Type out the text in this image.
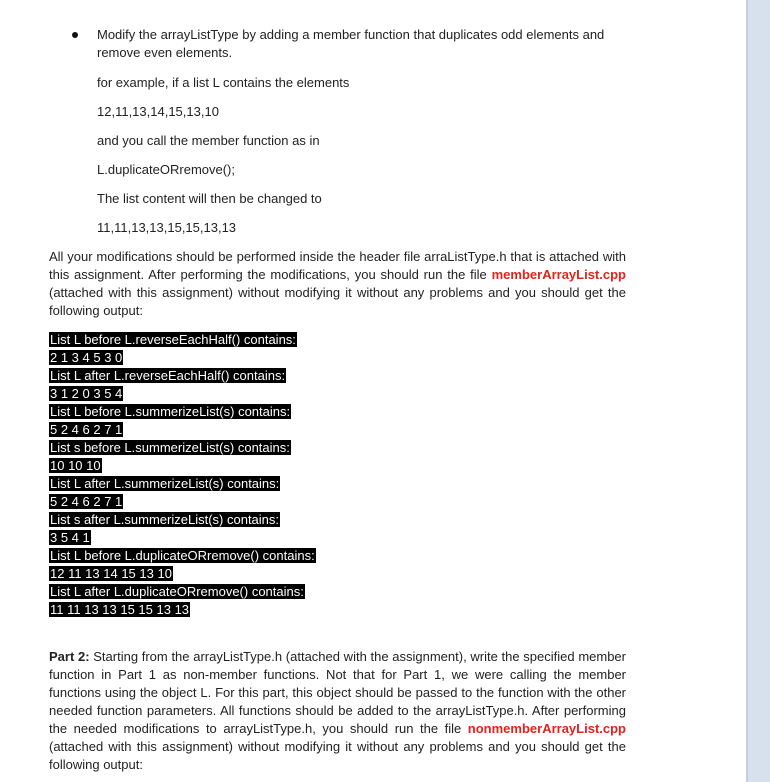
Modify the arrayListType by adding a member function that duplicates odd elements and remove even elements.

for example, if a list L contains the elements
12,11,13,14,15,13,10
and you call the member function as in
L.duplicateORremove();
The list content will then be changed to
11,11,13,13,15,15,13,13

All your modifications should be performed inside the header file arraListType.h that is attached with this assignment. After performing the modifications, you should run the file memberArrayList.cpp (attached with this assignment) without modifying it without any problems and you should get the following output:

List L before L.reverseEachHalf() contains:
2 1 3 4 5 3 0
List L after L.reverseEachHalf() contains:
3 1 2 0 3 5 4
List L before L.summerizeList(s) contains:
5 2 4 6 2 7 1
List s before L.summerizeList(s) contains:
10 10 10
List L after L.summerizeList(s) contains:
5 2 4 6 2 7 1
List s after L.summerizeList(s) contains:
3 5 4 1
List L before L.duplicateORremove() contains:
12 11 13 14 15 13 10
List L after L.duplicateORremove() contains:
11 11 13 13 15 15 13 13

Part 2: Starting from the arrayListType.h (attached with the assignment), write the specified member function in Part 1 as non-member functions. Not that for Part 1, we were calling the member functions using the object L. For this part, this object should be passed to the function with the other needed function parameters. All functions should be added to the arrayListType.h. After performing the needed modifications to arrayListType.h, you should run the file nonmemberArrayList.cpp (attached with this assignment) without modifying it without any problems and you should get the following output:
